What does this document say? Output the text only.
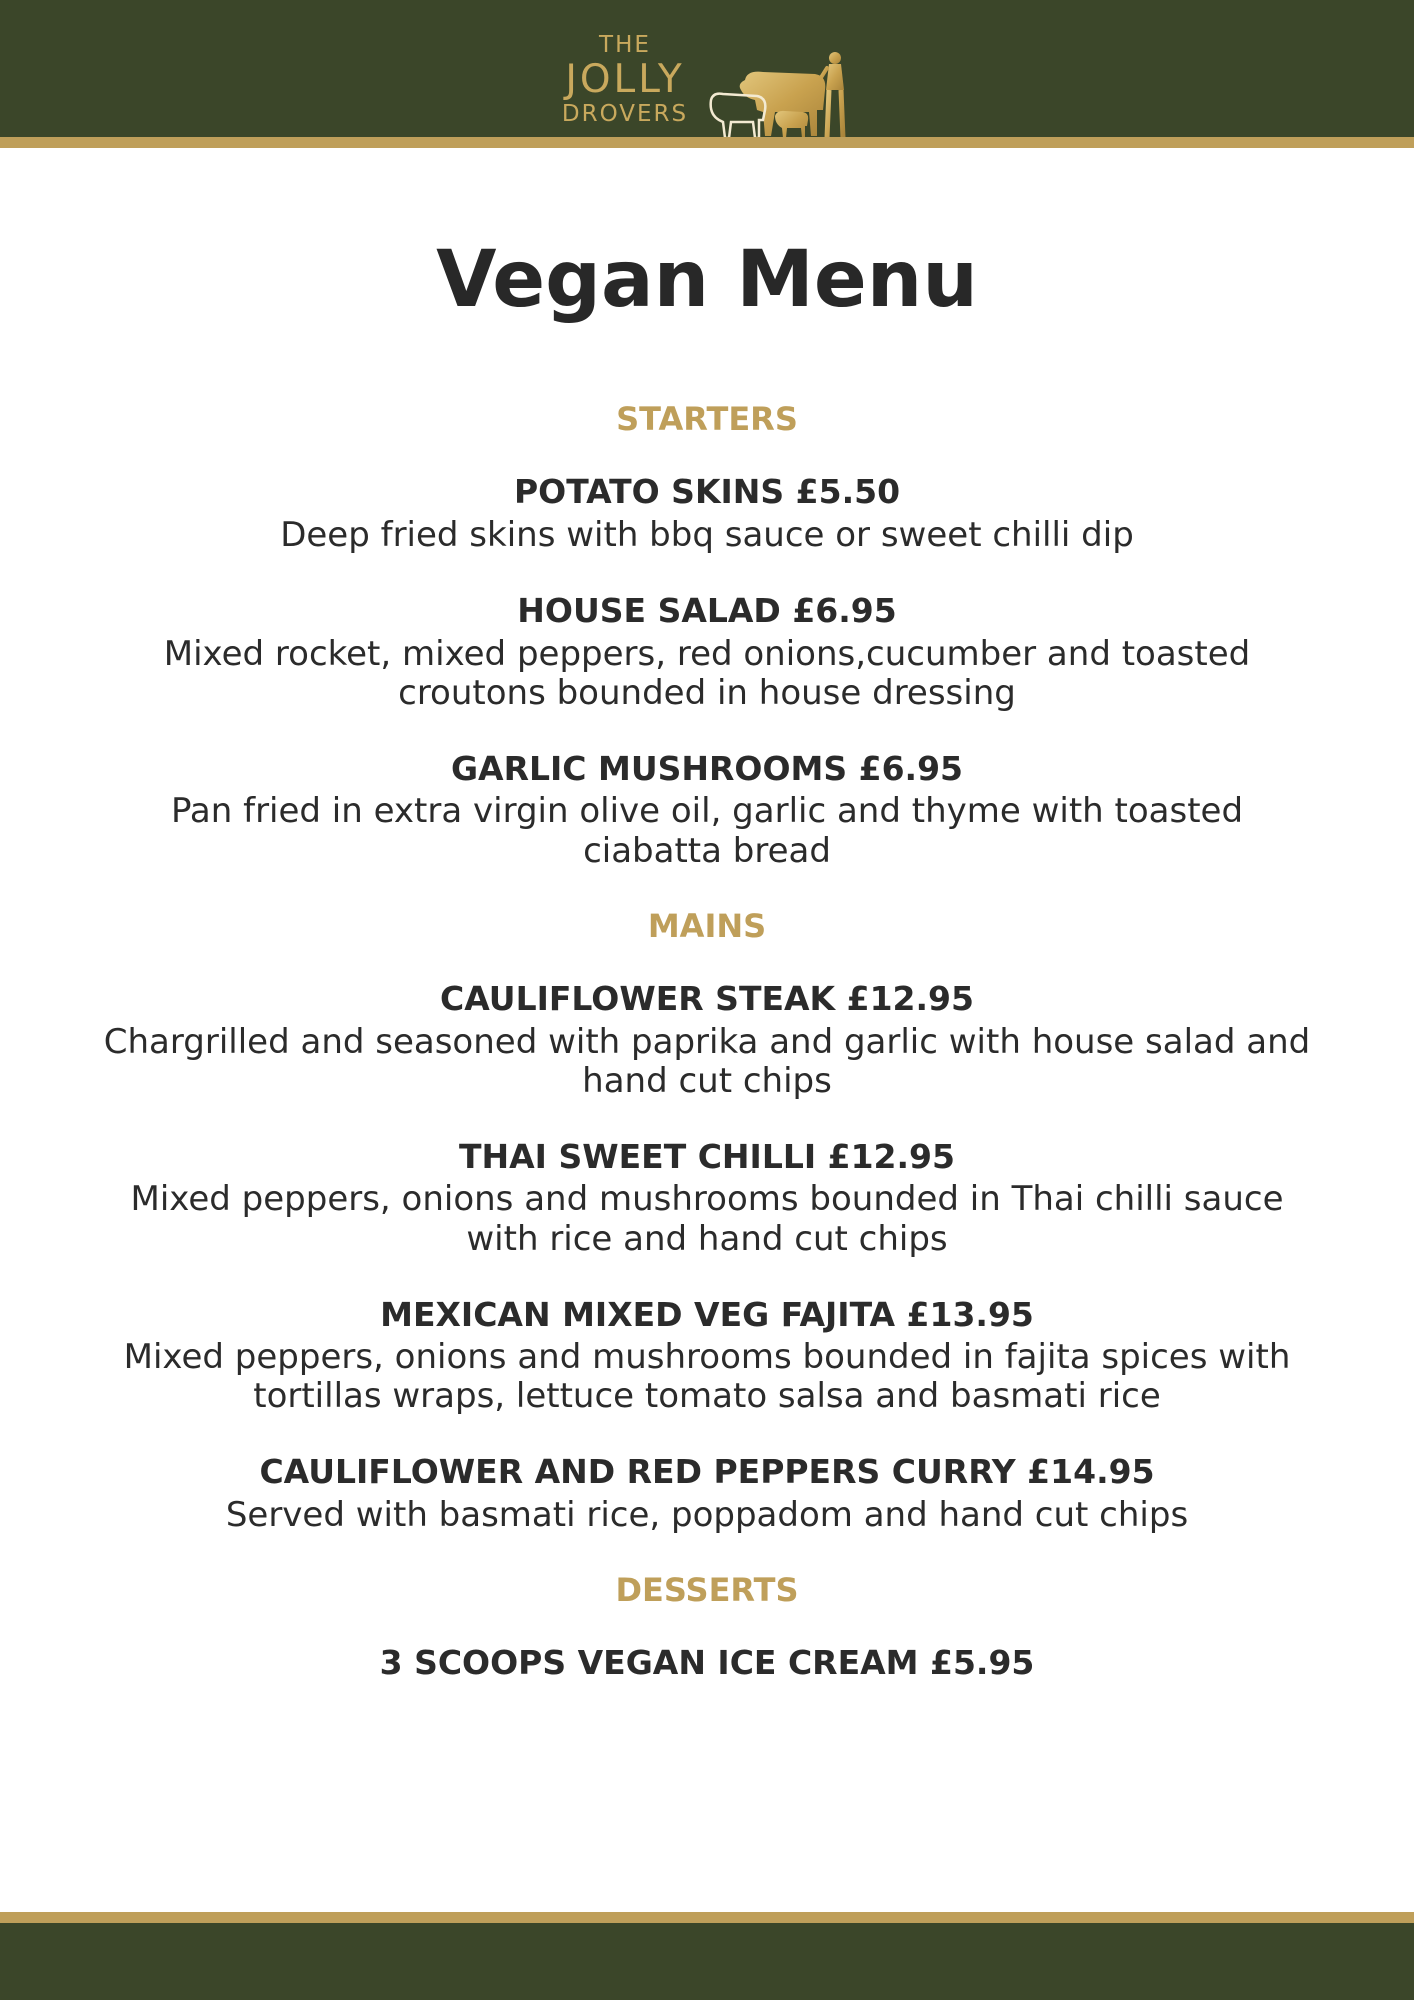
THE
JOLLY
DROVERS
Vegan Menu
STARTERS
POTATO SKINS £5.50
Deep fried skins with bbq sauce or sweet chilli dip
HOUSE SALAD £6.95
Mixed rocket, mixed peppers, red onions,cucumber and toasted croutons bounded in house dressing
GARLIC MUSHROOMS £6.95
Pan fried in extra virgin olive oil, garlic and thyme with toasted ciabatta bread
MAINS
CAULIFLOWER STEAK £12.95
Chargrilled and seasoned with paprika and garlic with house salad and hand cut chips
THAI SWEET CHILLI £12.95
Mixed peppers, onions and mushrooms bounded in Thai chilli sauce with rice and hand cut chips
MEXICAN MIXED VEG FAJITA £13.95
Mixed peppers, onions and mushrooms bounded in fajita spices with tortillas wraps, lettuce tomato salsa and basmati rice
CAULIFLOWER AND RED PEPPERS CURRY £14.95
Served with basmati rice, poppadom and hand cut chips
DESSERTS
3 SCOOPS VEGAN ICE CREAM £5.95
